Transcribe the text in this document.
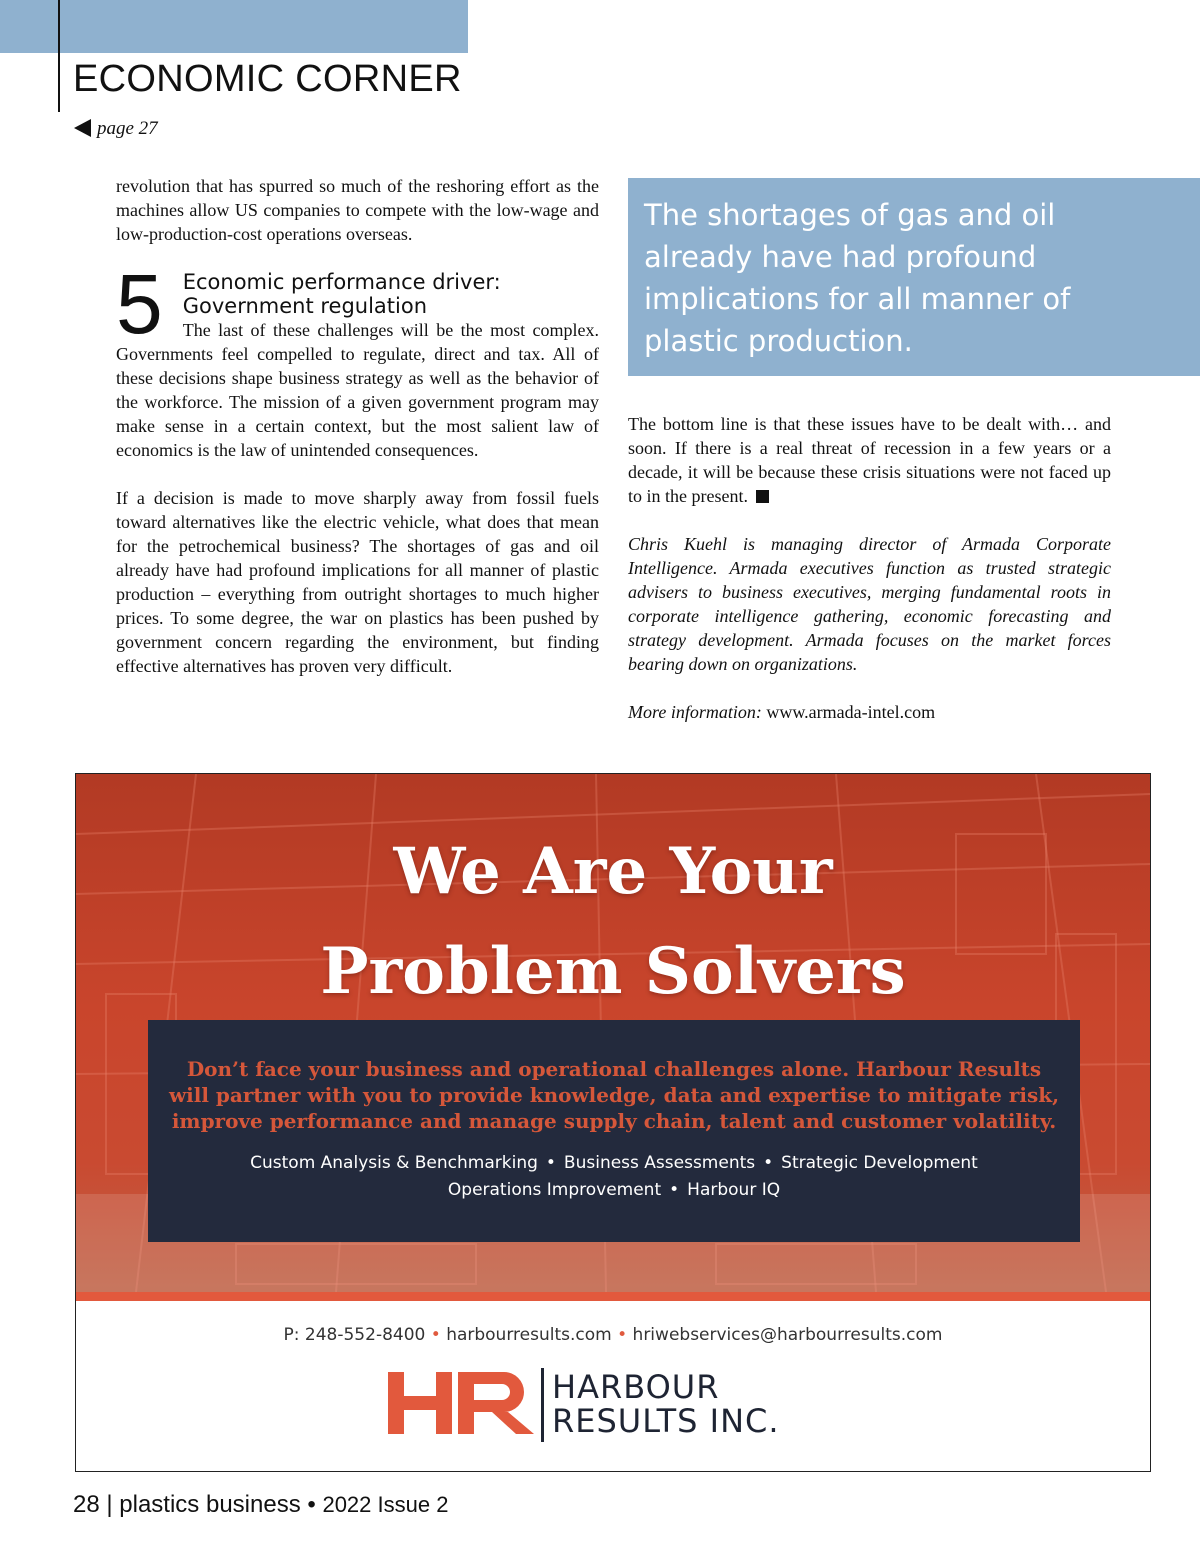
ECONOMIC CORNER
page 27

revolution that has spurred so much of the reshoring effort as the machines allow US companies to compete with the low-wage and low-production-cost operations overseas.

5 Economic performance driver:
Government regulation

The last of these challenges will be the most complex. Governments feel compelled to regulate, direct and tax. All of these decisions shape business strategy as well as the behavior of the workforce. The mission of a given government program may make sense in a certain context, but the most salient law of economics is the law of unintended consequences.

If a decision is made to move sharply away from fossil fuels toward alternatives like the electric vehicle, what does that mean for the petrochemical business? The shortages of gas and oil already have had profound implications for all manner of plastic production – everything from outright shortages to much higher prices. To some degree, the war on plastics has been pushed by government concern regarding the environment, but finding effective alternatives has proven very difficult.

The shortages of gas and oil already have had profound implications for all manner of plastic production.

The bottom line is that these issues have to be dealt with… and soon. If there is a real threat of recession in a few years or a decade, it will be because these crisis situations were not faced up to in the present.

Chris Kuehl is managing director of Armada Corporate Intelligence. Armada executives function as trusted strategic advisers to business executives, merging fundamental roots in corporate intelligence gathering, economic forecasting and strategy development. Armada focuses on the market forces bearing down on organizations.

More information: www.armada-intel.com

We Are Your
Problem Solvers
Don’t face your business and operational challenges alone. Harbour Results will partner with you to provide knowledge, data and expertise to mitigate risk, improve performance and manage supply chain, talent and customer volatility.
Custom Analysis & Benchmarking • Business Assessments • Strategic Development
Operations Improvement • Harbour IQ
P: 248-552-8400 • harbourresults.com • hriwebservices@harbourresults.com
HARBOUR
RESULTS INC.
28 | plastics business • 2022 Issue 2
